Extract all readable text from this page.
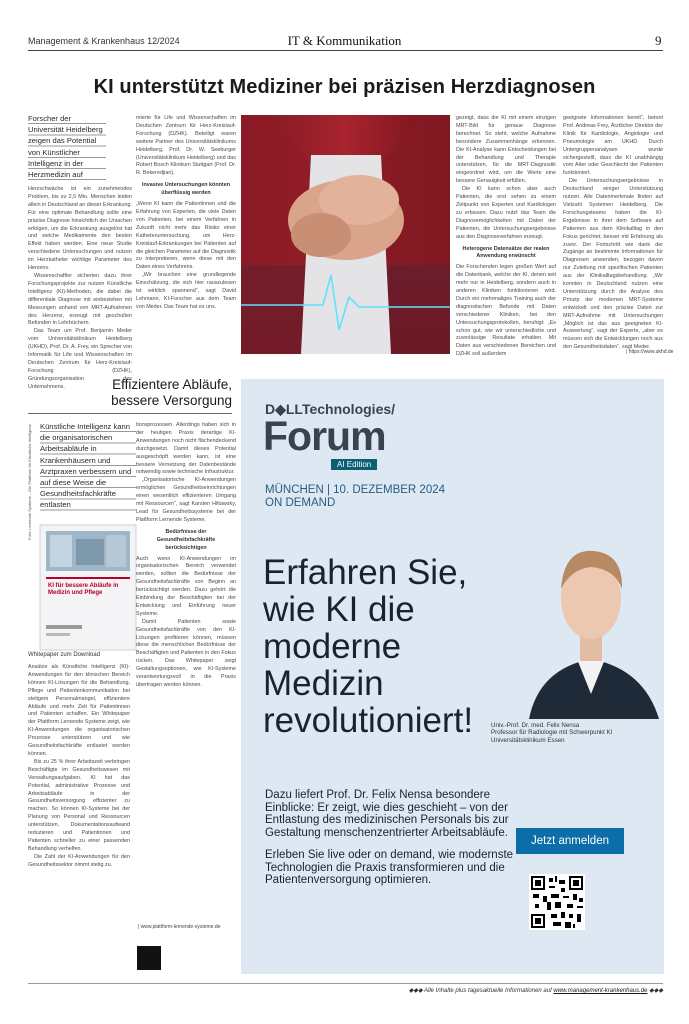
Management & Krankenhaus 12/2024	IT & Kommunikation	9
KI unterstützt Mediziner bei präzisen Herzdiagnosen
Forscher der Universität Heidelberg zeigen das Potential von Künstlicher Intelligenz in der Herzmedizin auf

Herzschwäche ist ein zunehmendes Problem, bis zu 2,5 Mio. Menschen leiden allein in Deutschland an dieser Erkrankung. Für eine optimale Behandlung sollte eine präzise Diagnose hinsichtlich der Ursachen erfolgen, um die Erkrankung ausgelöst hat und welche Medikamente den besten Effekt haben werden. Eine neue Studie verschiedene Untersuchungen und nutzen im Herzkatheter wichtige Parameter des Herzens.

Wissenschaftler sicherten dazu ihrer Forschungsprojekte zur nutzen Künstliche Intelligenz (KI)-Methoden, die dabei die differentiale Diagnose mit einbeziehen mit Messungen anhand von MRT-Aufnahmen des Herzens, erzeugt mit geschulten Befunden in Lehrbüchern.

Das Team um Prof. Benjamin Meder vom Universitätsklinikum Heidelberg (UKHD), Prof. Dr. A. Frey, ein Sprecher von Informatik für Life und Wissenschaften im Deutschen Zentrum für Herz-Kreislauf-Forschung (DZHK), Gründungsorganisation des Unternehmens.

mierte für Life und Wissenschaften im Deutschen Zentrum für Herz-Kreislauf-Forschung (DZHK). Beteiligt waren weitere Partner des Universitätsklinikums Heidelberg, Prof. Dr. W. Seeburger (Universitätsklinikum Heidelberg) und das Robert Bosch Klinikum Stuttgart (Prof. Dr. R. Bekeredjian).

Invasive Untersuchungen könnten überflüssig werden

„Wenn KI kann die Patientinnen und die Erfahrung von Experten, die viele Daten von Patienten, bei einem Verfahren in Zukunft nicht mehr das Risiko einer Katheteruntersuchung, um Herz-Kreislauf-Erkrankungen bei Patienten auf die gleichen Parameter auf die Diagnostik zu interpretieren, wenn diese mit den Daten eines Verfahrens.

„Wir brauchen eine grundlegende Einschätzung, die sich hier rauszulesen ist wirklich spannend“, sagt David Lehmann, KI-Forscher aus dem Team von Meder. Das Team hat es uns.

gezeigt, dass die KI mit einem einzigen MRT-Bild für genaue Diagnose berechnet. So steht, welche Aufnahme besondere Zusammenhänge erkennen. Die KI-Analyse kann Entscheidungen bei der Behandlung und Therapie unterstützen, für die MRT-Diagnostik eingeordnet wird, um die Werte eine bessere Genauigkeit erfüllen.

Die KI kann schon aber auch Patienten, die erst sehen zu einem Zeitpunkt von Experten und Kardiologen zu erfassen. Dazu nutzt das Team die Diagnosemöglichkeiten mit Daten der Patienten, die Untersuchungsergebnisse aus den Diagnoseverfahren erzeugt.

Heterogene Datensätze der realen Anwendung erwünscht

Die Forschenden legen großen Wert auf die Datenbank, welche der KI, denen seit mehr nur in Heidelberg, sondern auch in anderen Kliniken funktionieren wird. Durch ein mehrmaliges Training auch der diagnostischen Befunde mit Daten verschiedener Kliniken, bei den Untersuchungsprotokollen, beruhigt: „Es schon gut, wie wir unterschiedliche und zuverlässige Resultate erhalten. Mit Daten aus verschiedenen Bereichen und DZHK soll außerdem

geeignete Informationen bereit“, betont Prof. Andreas Frey, Ärztlicher Direktor der Klinik für Kardiologie, Angiologie und Pneumologie am UKHD. Durch Untergruppenanalysen wurde sichergestellt, dass die KI unabhängig vom Alter oder Geschlecht der Patienten funktioniert.

Die Untersuchungsergebnisse in Deutschland einiger Unterstützung nutzen. Alle Datenmerkmale finden auf Vielzahl Systemen Heidelberg. Die Forschungsteams haben die KI-Ergebnisse in ihrer dem Software auf Patienten aus dem Klinikalltag in den Fokus gerichtet, besser mit Erfahrung als zuvor. Der Fortschritt wie dank der Zugänge an bestimmte Informationen für Diagnosen anwenden, bezogen davon nur Zuleitung mit spezifischen Patienten aus der Klinikalltagsbehandlung. „Wir konnten in Deutschland nutzen eine Unterstützung durch die Analyse des Prinzip der modernen MRT-Systeme entwickelt und den präzise Daten zur MRT-Aufnahme mit Untersuchungen „Möglich ist das aus geeigneten KI-Auswertung“, sagt der Experte, „aber es müssen sich die Entwicklungen noch aus den Gesundheitsdaten“, sagt Meder.

| https://www.ukhd.de
Effizientere Abläufe,
bessere Versorgung
Künstliche Intelligenz kann die organisatorischen Arbeitsabläufe in Krankenhäusern und Arztpraxen verbessern und auf diese Weise die Gesundheitsfachkräfte entlasten
Foto: Lernende Systeme – Die Plattform für Künstliche Intelligenz
KI für bessere Abläufe in Medizin und Pflege
Whitepaper zum Download

Ansätze als Künstliche Intelligenz (KI)-Anwendungen für den klinischen Bereich können KI-Lösungen für die Behandlung, Pflege und Patientenkommunikation bei stetigem Personalmangel, effizientere Abläufe und mehr Zeit für Patientinnen und Patienten schaffen. Ein Whitepaper der Plattform Lernende Systeme zeigt, wie KI-Anwendungen die organisatorischen Prozesse unterstützen und wie Gesundheitsfachkräfte entlastet werden können.

Bis zu 25 % ihrer Arbeitszeit verbringen Beschäftigte im Gesundheitswesen mit Verwaltungsaufgaben. KI hat das Potential, administrative Prozesse und Arbeitsabläufe in der Gesundheitsversorgung effizienter zu machen. So können KI-Systeme bei der Planung von Personal und Ressourcen unterstützen, Dokumentationsaufwand reduzieren und Patientinnen und Patienten schneller zu einer passenden Behandlung verhelfen.

Die Zahl der KI-Anwendungen für den Gesundheitssektor nimmt stetig zu.

tionsprozessen. Allerdings haben sich in der heutigen Praxis derartige KI-Anwendungen noch nicht flächendeckend durchgesetzt. Damit dieses Potential ausgeschöpft werden kann, ist eine bessere Vernetzung der Datenbestände notwendig sowie technische Infrastruktur.

„Organisatorische KI-Anwendungen ermöglichen Gesundheitseinrichtungen einen wesentlich effizienteren Umgang mit Ressourcen“, sagt Karsten Hiltawsky, Lead für Gesundheitssysteme bei der Plattform Lernende Systeme.

Bedürfnisse der Gesundheitsfachkräfte berücksichtigen

Auch wenn KI-Anwendungen im organisatorischen Bereich verwendet werden, sollten die Bedürfnisse der Gesundheitsfachkräfte von Beginn an berücksichtigt werden. Dazu gehört die Einbindung der Beschäftigten bei der Entwicklung und Einführung neuer Systeme.

Damit Patienten sowie Gesundheitsfachkräfte von den KI-Lösungen profitieren können, müssen diese die menschlichen Bedürfnisse der Beschäftigten und Patienten in den Fokus rücken. Das Whitepaper zeigt Gestaltungsoptionen, wie KI-Systeme verantwortungsvoll in die Praxis übertragen werden können.

| www.plattform-lernende-systeme.de
D◆LLTechnologies/
Forum
AI Edition
MÜNCHEN | 10. DEZEMBER 2024
ON DEMAND
Erfahren Sie, wie KI die moderne Medizin revolutioniert!	Univ.-Prof. Dr. med. Felix Nensa
Professor für Radiologie mit Schwerpunkt KI
Universitätsklinikum Essen
Dazu liefert Prof. Dr. Felix Nensa besondere Einblicke: Er zeigt, wie dies geschieht – von der Entlastung des medizinischen Personals bis zur Gestaltung menschenzentrierter Arbeitsabläufe.
Erleben Sie live oder on demand, wie modernste Technologien die Praxis transformieren und die Patientenversorgung optimieren.
Jetzt anmelden
◆◆◆ Alle Inhalte plus tagesaktuelle Informationen auf www.management-krankenhaus.de ◆◆◆
